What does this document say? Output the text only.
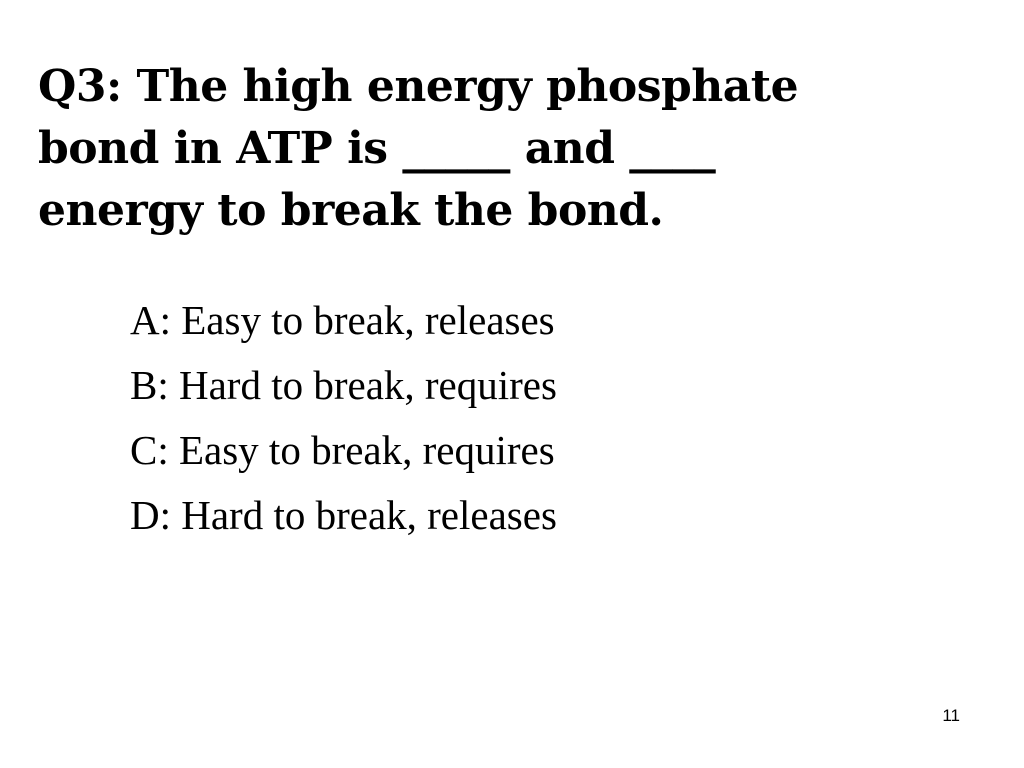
Q3: The high energy phosphate
bond in ATP is _____ and ____
energy to break the bond.
A: Easy to break, releases
B: Hard to break, requires
C: Easy to break, requires
D: Hard to break, releases
11
